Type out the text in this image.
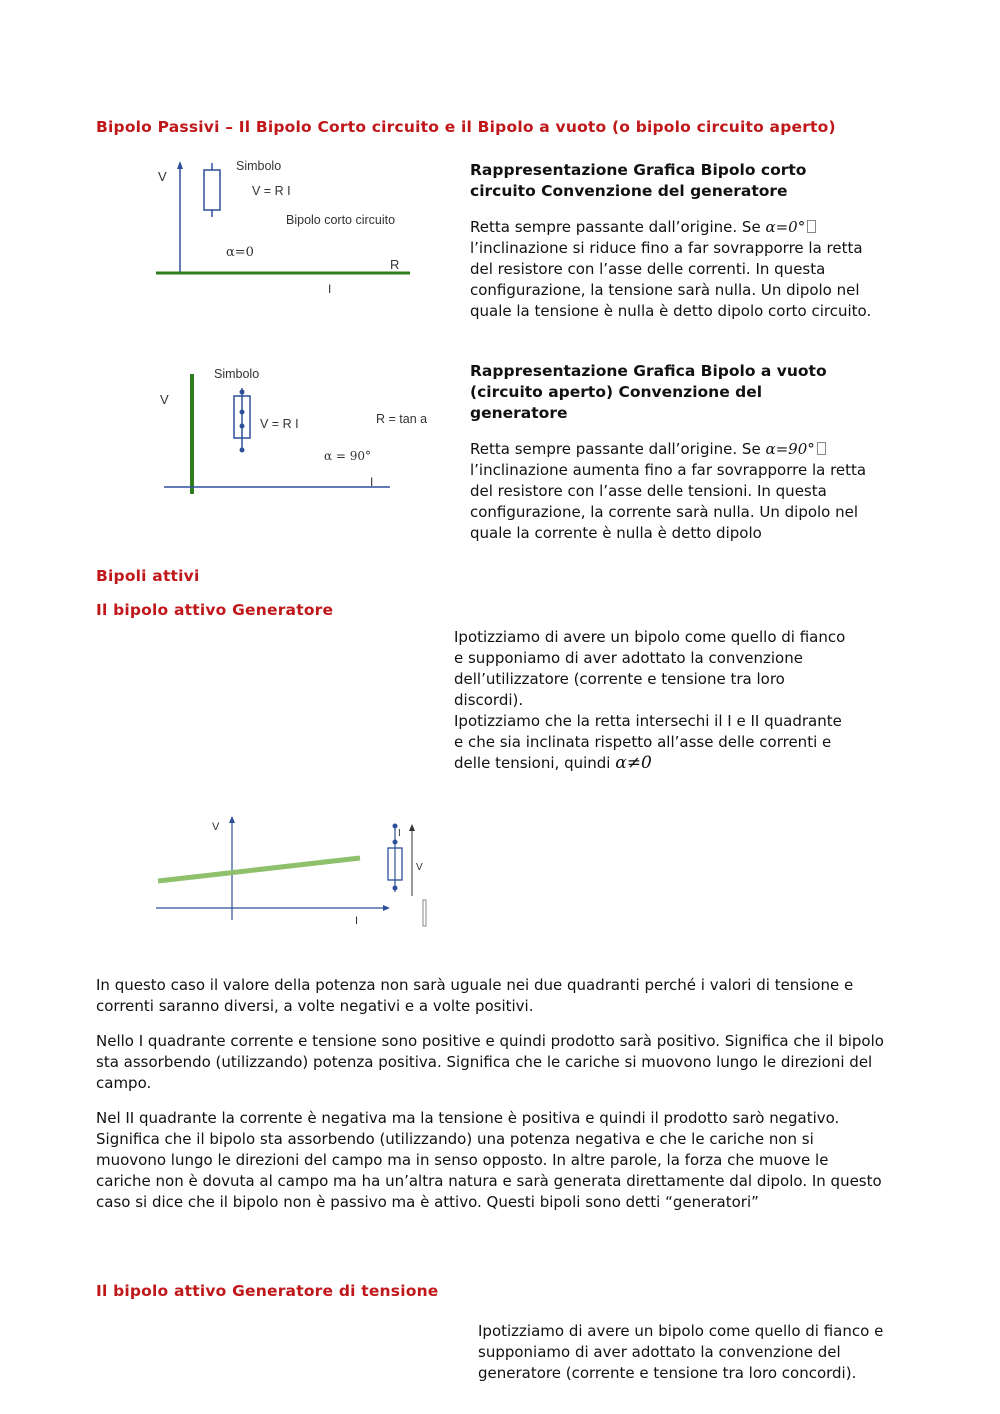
Bipolo Passivi – Il Bipolo Corto circuito e il Bipolo a vuoto (o bipolo circuito aperto)
V
Simbolo
V = R I
Bipolo corto circuito
α=0
R
I
Rappresentazione Grafica Bipolo corto circuito Convenzione del generatore
Retta sempre passante dall’origine. Se α=0° l’inclinazione si riduce fino a far sovrapporre la retta del resistore con l’asse delle correnti. In questa configurazione, la tensione sarà nulla. Un dipolo nel quale la tensione è nulla è detto dipolo corto circuito.
V
Simbolo
V = R I	R = tan a
α = 90°
I
Rappresentazione Grafica Bipolo a vuoto (circuito aperto) Convenzione del generatore
Retta sempre passante dall’origine. Se α=90° l’inclinazione aumenta fino a far sovrapporre la retta del resistore con l’asse delle tensioni. In questa configurazione, la corrente sarà nulla. Un dipolo nel quale la corrente è nulla è detto dipolo
Bipoli attivi
Il bipolo attivo Generatore
Ipotizziamo di avere un bipolo come quello di fianco e supponiamo di aver adottato la convenzione dell’utilizzatore (corrente e tensione tra loro discordi).
Ipotizziamo che la retta intersechi il I e II quadrante e che sia inclinata rispetto all’asse delle correnti e delle tensioni, quindi α≠0
V
I
I
V
In questo caso il valore della potenza non sarà uguale nei due quadranti perché i valori di tensione e correnti saranno diversi, a volte negativi e a volte positivi.
Nello I quadrante corrente e tensione sono positive e quindi prodotto sarà positivo. Significa che il bipolo sta assorbendo (utilizzando) potenza positiva. Significa che le cariche si muovono lungo le direzioni del campo.
Nel II quadrante la corrente è negativa ma la tensione è positiva e quindi il prodotto sarò negativo. Significa che il bipolo sta assorbendo (utilizzando) una potenza negativa e che le cariche non si muovono lungo le direzioni del campo ma in senso opposto. In altre parole, la forza che muove le cariche non è dovuta al campo ma ha un’altra natura e sarà generata direttamente dal dipolo. In questo caso si dice che il bipolo non è passivo ma è attivo. Questi bipoli sono detti “generatori”
Il bipolo attivo Generatore di tensione
Ipotizziamo di avere un bipolo come quello di fianco e supponiamo di aver adottato la convenzione del generatore (corrente e tensione tra loro concordi).
